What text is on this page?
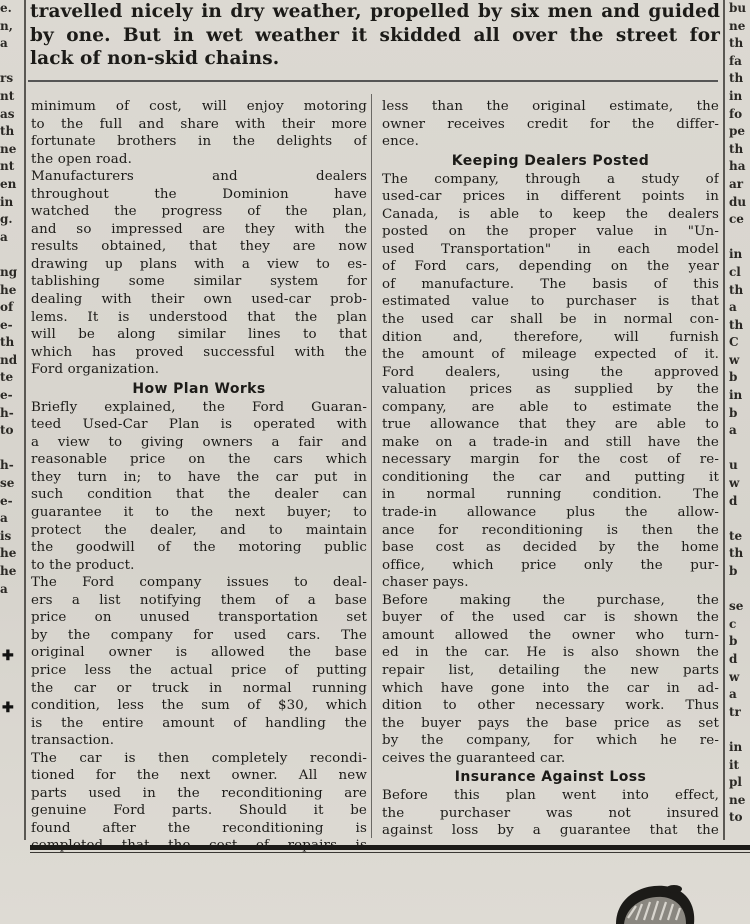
e.
n,
a
rs
nt
as
th
ne
nt
en
in
g.
a
ng
he
of
e-
th
nd
te
e-
h-
to
h-
se
e-
a
is
he
he
a
✚
✚
travelled nicely in dry weather, propelled by six men and guided
by one. But in wet weather it skidded all over the street for
lack of non-skid chains.
minimum of cost, will enjoy motoring
to the full and share with their more
fortunate brothers in the delights of
the open road.
Manufacturers and dealers
throughout the Dominion have
watched the progress of the plan,
and so impressed are they with the
results obtained, that they are now
drawing up plans with a view to es-
tablishing some similar system for
dealing with their own used-car prob-
lems. It is understood that the plan
will be along similar lines to that
which has proved successful with the
Ford organization.
How Plan Works
Briefly explained, the Ford Guaran-
teed Used-Car Plan is operated with
a view to giving owners a fair and
reasonable price on the cars which
they turn in; to have the car put in
such condition that the dealer can
guarantee it to the next buyer; to
protect the dealer, and to maintain
the goodwill of the motoring public
to the product.
The Ford company issues to deal-
ers a list notifying them of a base
price on unused transportation set
by the company for used cars. The
original owner is allowed the base
price less the actual price of putting
the car or truck in normal running
condition, less the sum of $30, which
is the entire amount of handling the
transaction.
The car is then completely recondi-
tioned for the next owner. All new
parts used in the reconditioning are
genuine Ford parts. Should it be
found after the reconditioning is
less than the original estimate, the
owner receives credit for the differ-
ence.
Keeping Dealers Posted
The company, through a study of
used-car prices in different points in
Canada, is able to keep the dealers
posted on the proper value in "Un-
used Transportation" in each model
of Ford cars, depending on the year
of manufacture. The basis of this
estimated value to purchaser is that
the used car shall be in normal con-
dition and, therefore, will furnish
the amount of mileage expected of it.
Ford dealers, using the approved
valuation prices as supplied by the
company, are able to estimate the
true allowance that they are able to
make on a trade-in and still have the
necessary margin for the cost of re-
conditioning the car and putting it
in normal running condition. The
trade-in allowance plus the allow-
ance for reconditioning is then the
base cost as decided by the home
office, which price only the pur-
chaser pays.
Before making the purchase, the
buyer of the used car is shown the
amount allowed the owner who turn-
ed in the car. He is also shown the
repair list, detailing the new parts
which have gone into the car in ad-
dition to other necessary work. Thus
the buyer pays the base price as set
by the company, for which he re-
ceives the guaranteed car.
Insurance Against Loss
Before this plan went into effect,
the purchaser was not insured
against loss by a guarantee that the
bu
ne
th
fa
th
in
fo
pe
th
ha
ar
du
ce
in
cl
th
a
th
C
w
b
in
b
a
u
w
d
te
th
b
se
c
b
d
w
a
tr
in
it
pl
ne
to
